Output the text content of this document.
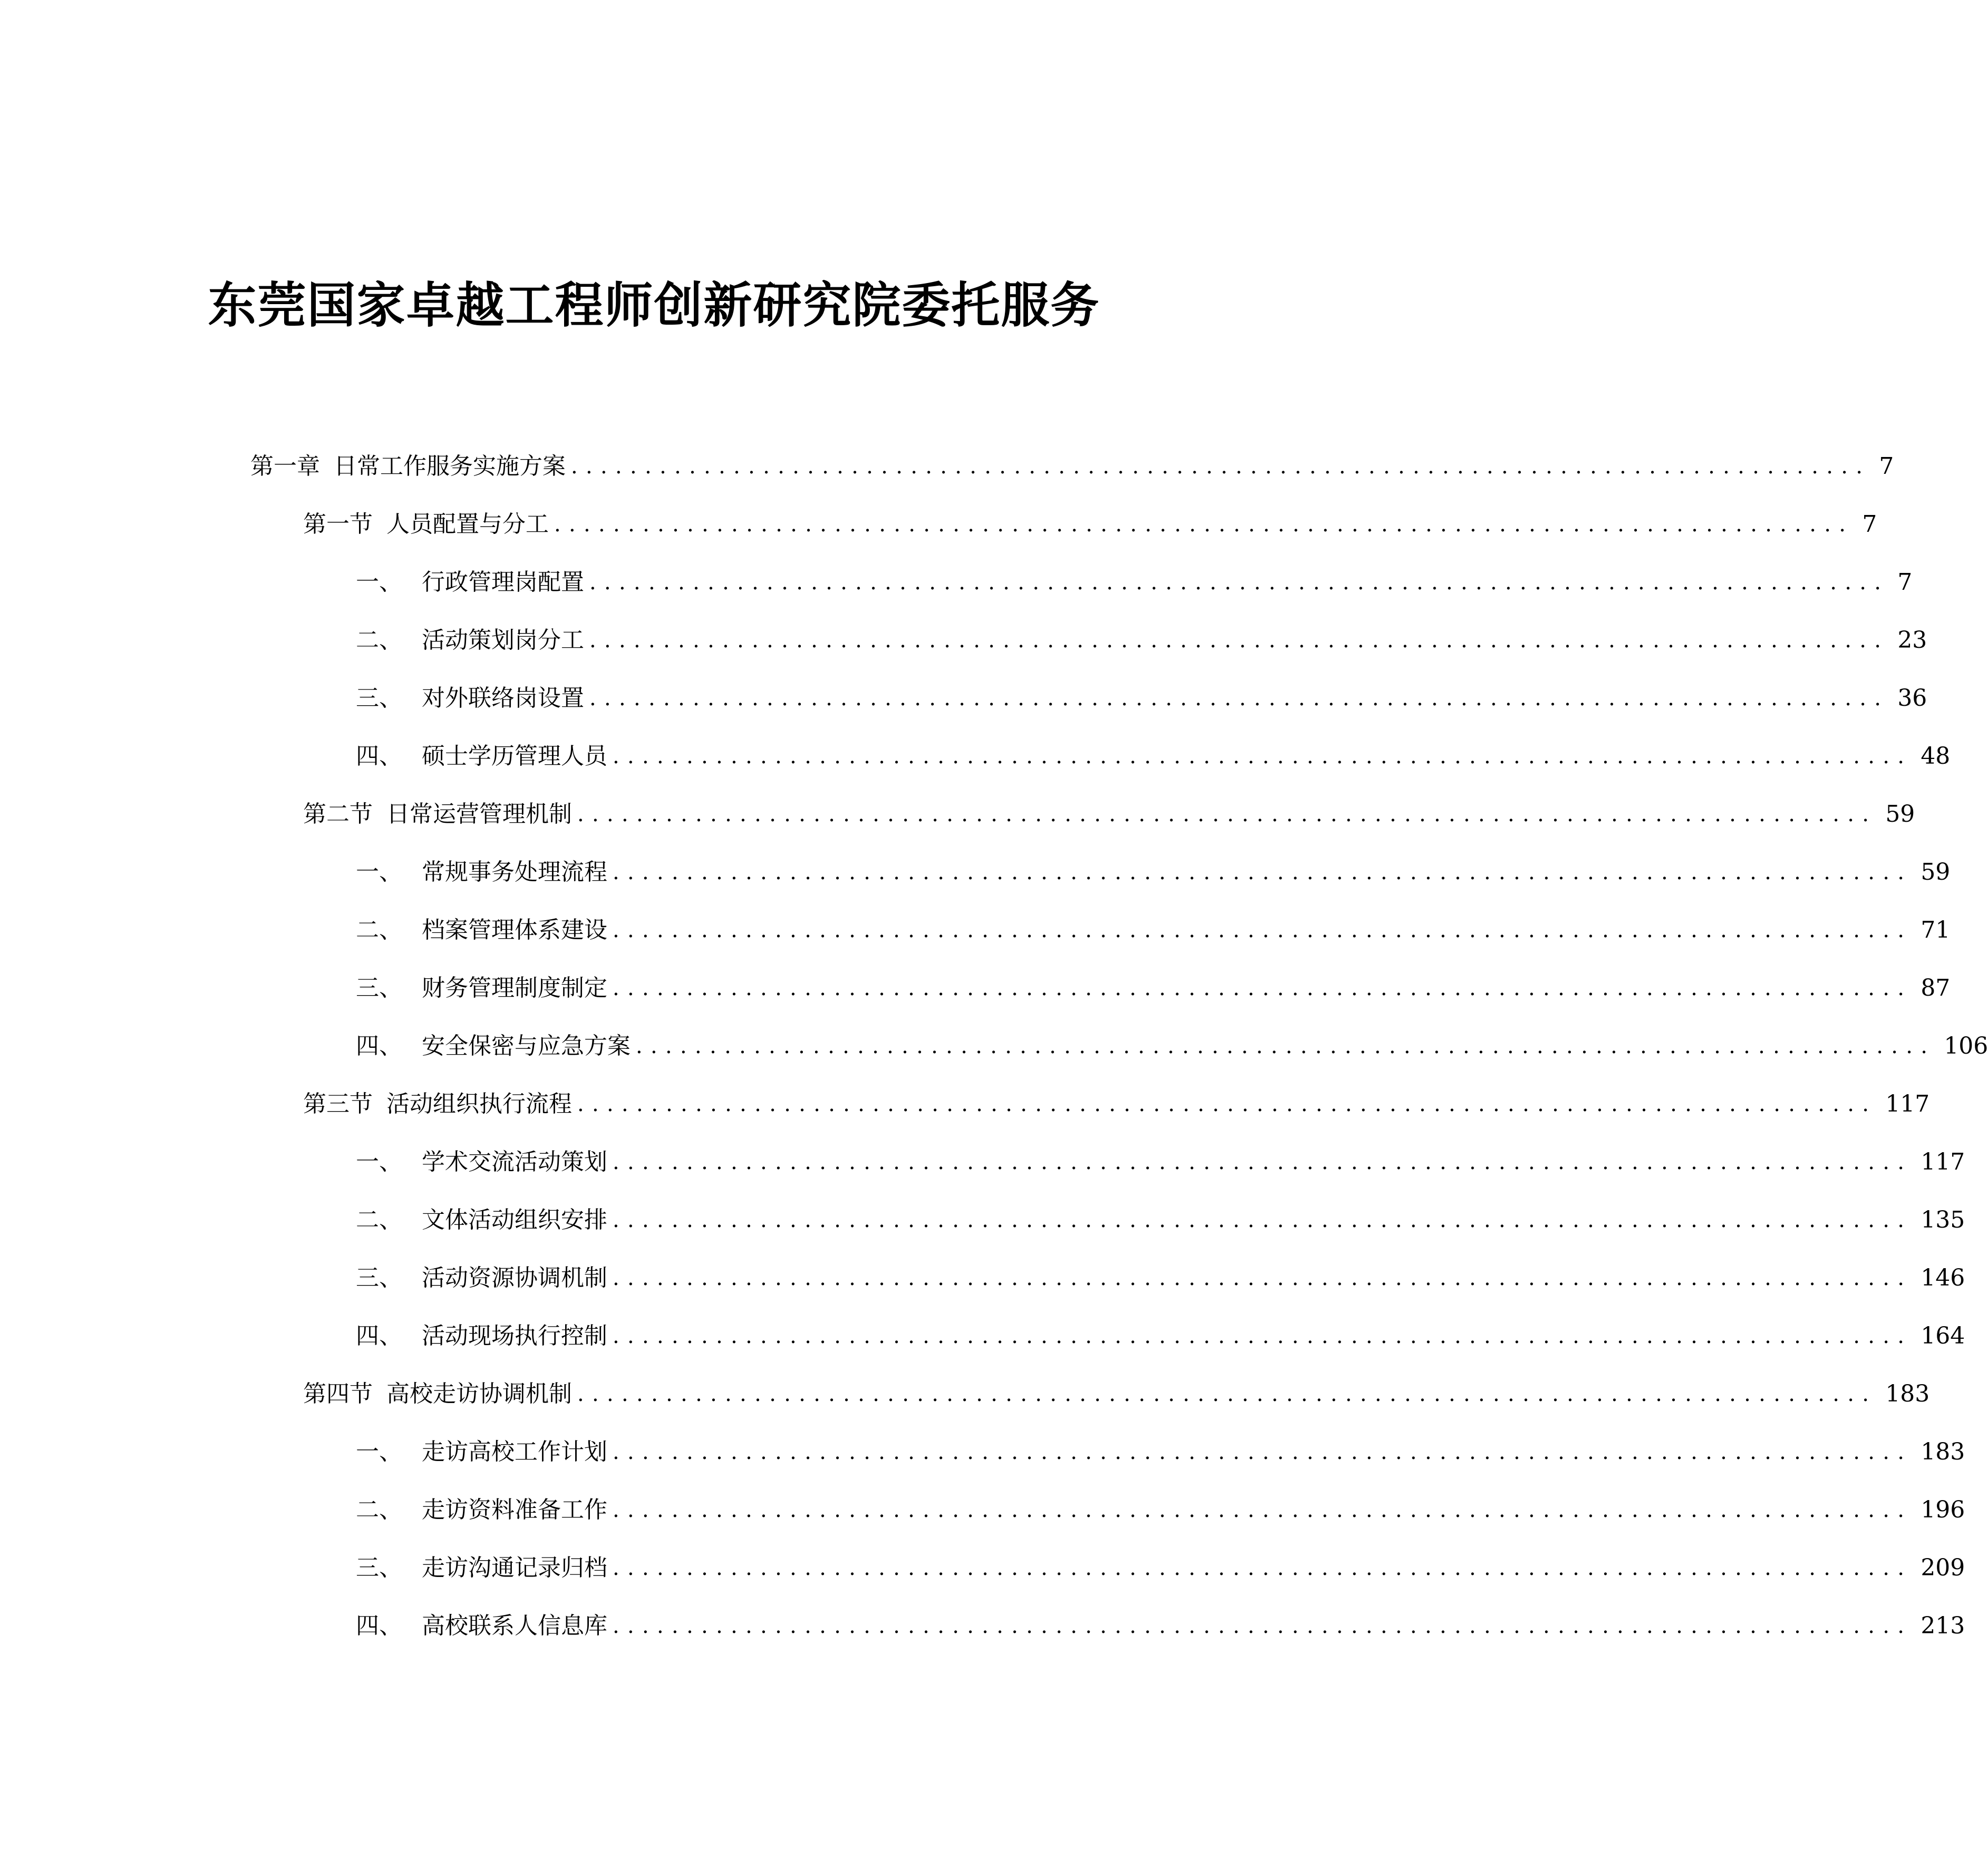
东莞国家卓越工程师创新研究院委托服务
第一章 日常工作服务实施方案 ........................................................................................ 7
第一节 人员配置与分工 ........................................................................................ 7
一、 行政管理岗配置 ........................................................................................ 7
二、 活动策划岗分工 ........................................................................................ 23
三、 对外联络岗设置 ........................................................................................ 36
四、 硕士学历管理人员 ........................................................................................ 48
第二节 日常运营管理机制 ........................................................................................ 59
一、 常规事务处理流程 ........................................................................................ 59
二、 档案管理体系建设 ........................................................................................ 71
三、 财务管理制度制定 ........................................................................................ 87
四、 安全保密与应急方案 ........................................................................................ 106
第三节 活动组织执行流程 ........................................................................................ 117
一、 学术交流活动策划 ........................................................................................ 117
二、 文体活动组织安排 ........................................................................................ 135
三、 活动资源协调机制 ........................................................................................ 146
四、 活动现场执行控制 ........................................................................................ 164
第四节 高校走访协调机制 ........................................................................................ 183
一、 走访高校工作计划 ........................................................................................ 183
二、 走访资料准备工作 ........................................................................................ 196
三、 走访沟通记录归档 ........................................................................................ 209
四、 高校联系人信息库 ........................................................................................ 213
